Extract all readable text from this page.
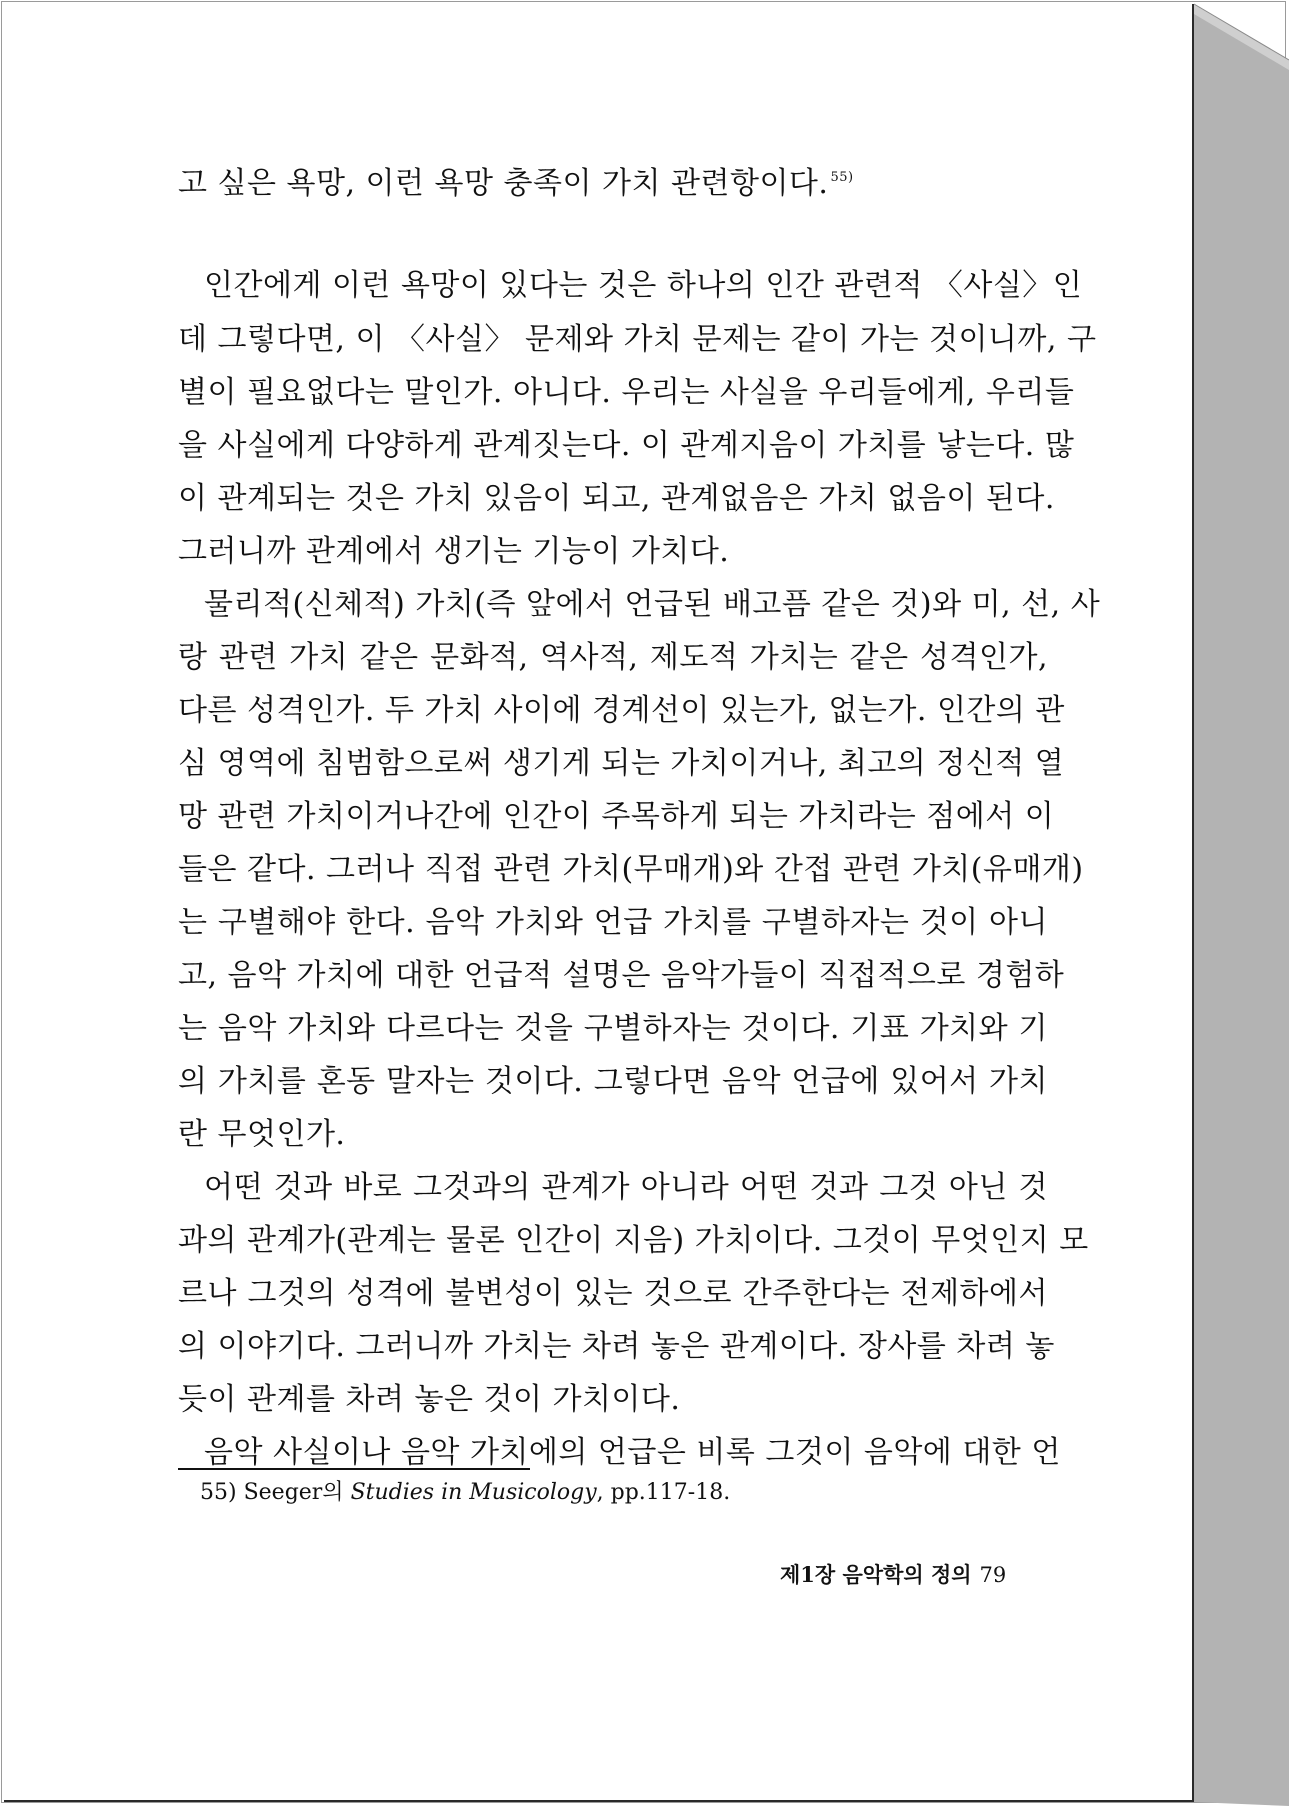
고 싶은 욕망, 이런 욕망 충족이 가치 관련항이다. $^{55)}$
인간에게 이런 욕망이 있다는 것은 하나의 인간 관련적 〈사실〉인
데 그렇다면, 이 〈사실〉 문제와 가치 문제는 같이 가는 것이니까, 구
별이 필요없다는 말인가. 아니다. 우리는 사실을 우리들에게, 우리들
을 사실에게 다양하게 관계짓는다. 이 관계지음이 가치를 낳는다. 많
이 관계되는 것은 가치 있음이 되고, 관계없음은 가치 없음이 된다.
그러니까 관계에서 생기는 기능이 가치다.
물리적(신체적) 가치(즉 앞에서 언급된 배고픔 같은 것)와 미, 선, 사
랑 관련 가치 같은 문화적, 역사적, 제도적 가치는 같은 성격인가,
다른 성격인가. 두 가치 사이에 경계선이 있는가, 없는가. 인간의 관
심 영역에 침범함으로써 생기게 되는 가치이거나, 최고의 정신적 열
망 관련 가치이거나간에 인간이 주목하게 되는 가치라는 점에서 이
들은 같다. 그러나 직접 관련 가치(무매개)와 간접 관련 가치(유매개)
는 구별해야 한다. 음악 가치와 언급 가치를 구별하자는 것이 아니
고, 음악 가치에 대한 언급적 설명은 음악가들이 직접적으로 경험하
는 음악 가치와 다르다는 것을 구별하자는 것이다. 기표 가치와 기
의 가치를 혼동 말자는 것이다. 그렇다면 음악 언급에 있어서 가치
란 무엇인가.
어떤 것과 바로 그것과의 관계가 아니라 어떤 것과 그것 아닌 것
과의 관계가(관계는 물론 인간이 지음) 가치이다. 그것이 무엇인지 모
르나 그것의 성격에 불변성이 있는 것으로 간주한다는 전제하에서
의 이야기다. 그러니까 가치는 차려 놓은 관계이다. 장사를 차려 놓
듯이 관계를 차려 놓은 것이 가치이다.
음악 사실이나 음악 가치에의 언급은 비록 그것이 음악에 대한 언
55) Seeger의 Studies in Musicology, pp.117-18.
제1장 음악학의 정의 79
